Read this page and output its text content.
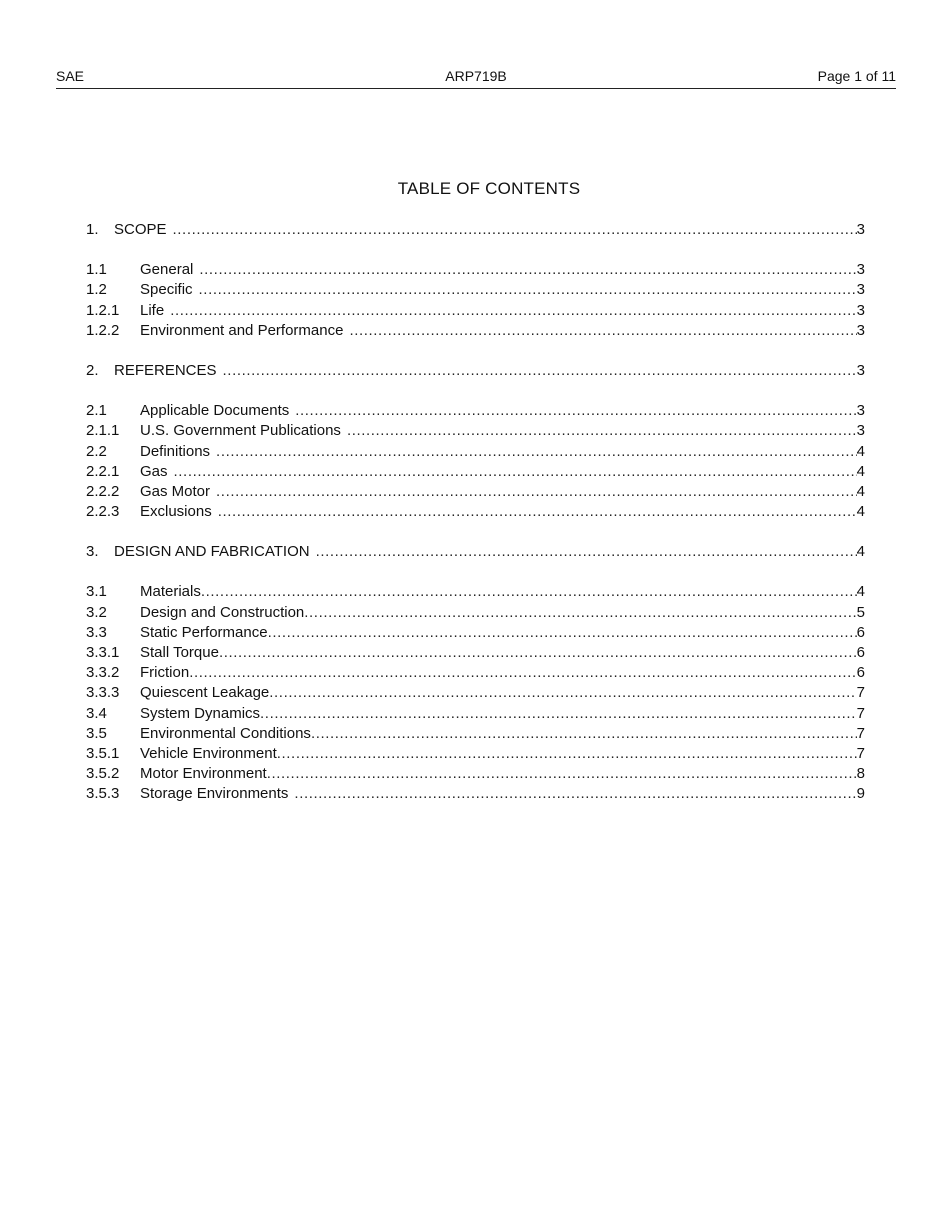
SAE	ARP719B	Page 1 of 11
TABLE OF CONTENTS
1.	SCOPE .....	3
1.1	General .....	3
1.2	Specific .....	3
1.2.1	Life .....	3
1.2.2	Environment and Performance .....	3
2.	REFERENCES .....	3
2.1	Applicable Documents .....	3
2.1.1	U.S. Government Publications .....	3
2.2	Definitions .....	4
2.2.1	Gas .....	4
2.2.2	Gas Motor .....	4
2.2.3	Exclusions .....	4
3.	DESIGN AND FABRICATION .....	4
3.1	Materials .....	4
3.2	Design and Construction .....	5
3.3	Static Performance .....	6
3.3.1	Stall Torque .....	6
3.3.2	Friction .....	6
3.3.3	Quiescent Leakage .....	7
3.4	System Dynamics .....	7
3.5	Environmental Conditions .....	7
3.5.1	Vehicle Environment .....	7
3.5.2	Motor Environment .....	8
3.5.3	Storage Environments .....	9
